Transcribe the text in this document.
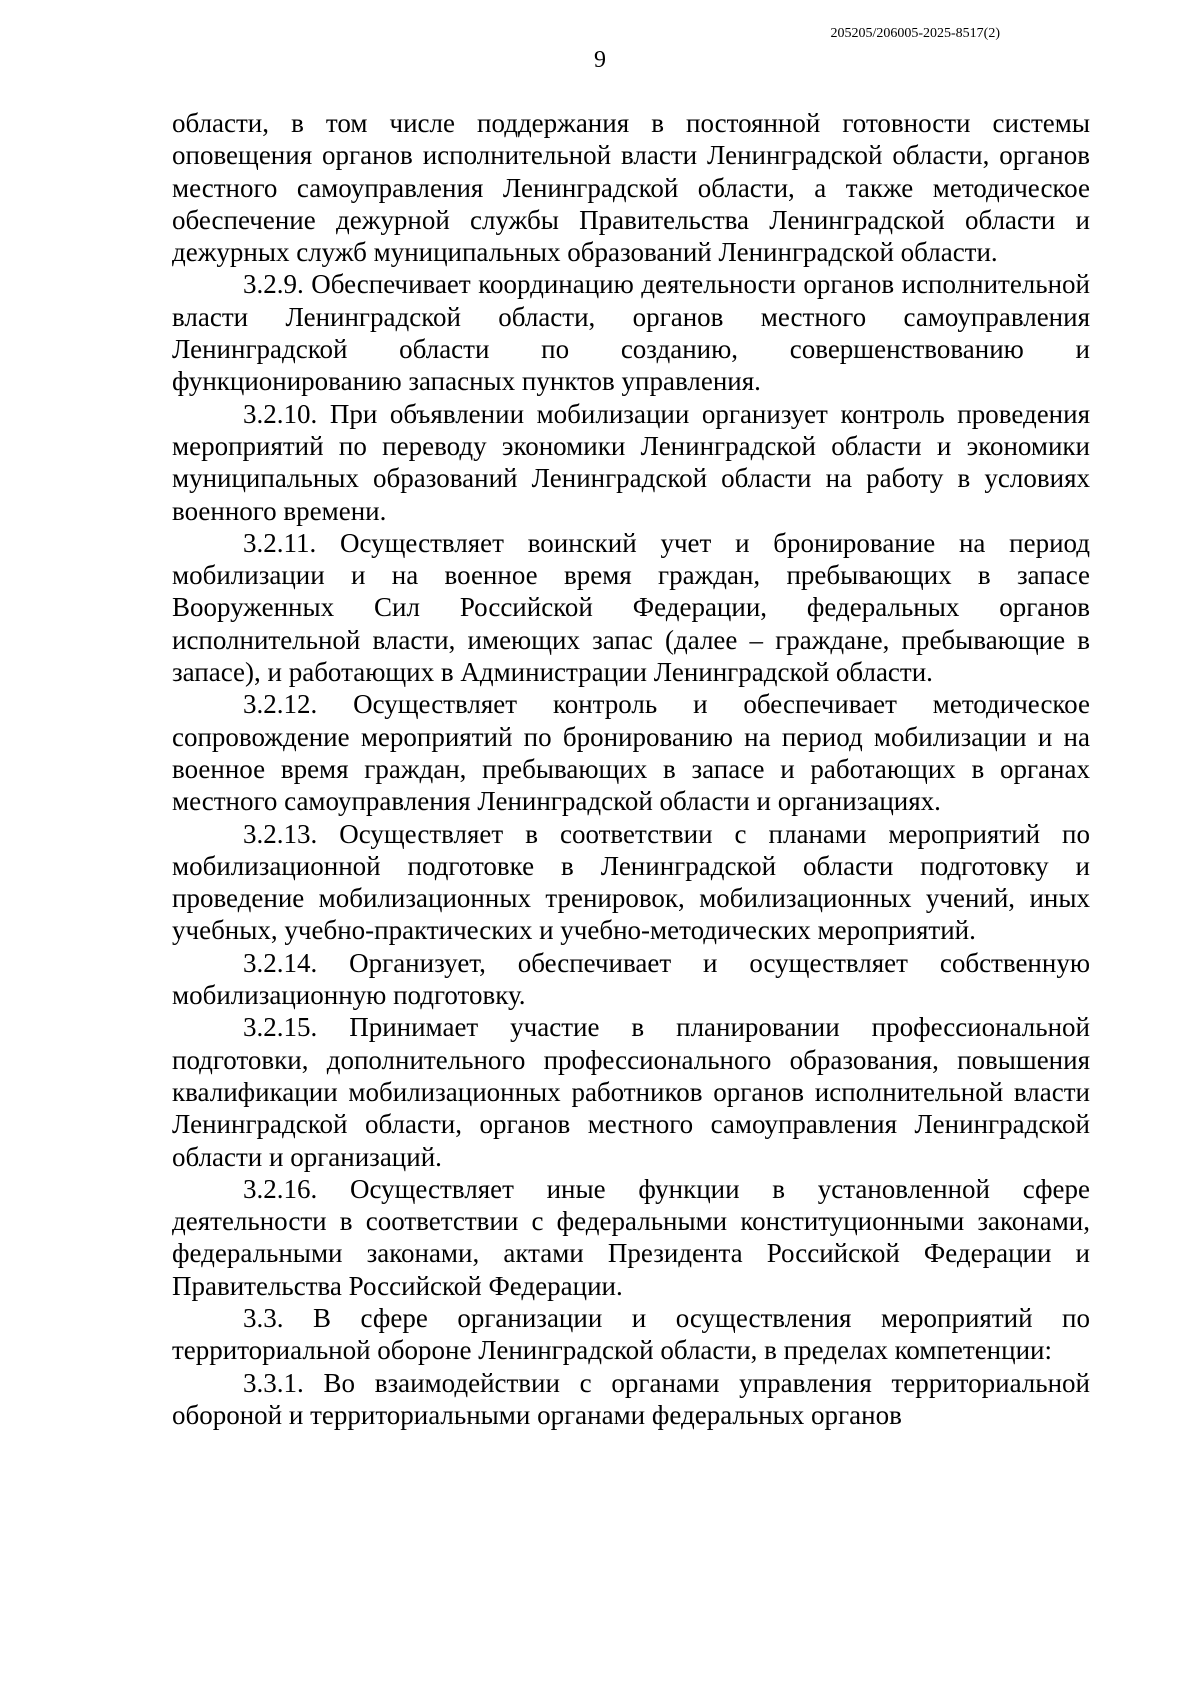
205205/206005-2025-8517(2)
9

области, в том числе поддержания в постоянной готовности системы оповещения органов исполнительной власти Ленинградской области, органов местного самоуправления Ленинградской области, а также методическое обеспечение дежурной службы Правительства Ленинградской области и дежурных служб муниципальных образований Ленинградской области.

3.2.9. Обеспечивает координацию деятельности органов исполнительной власти Ленинградской области, органов местного самоуправления Ленинградской области по созданию, совершенствованию и функционированию запасных пунктов управления.

3.2.10. При объявлении мобилизации организует контроль проведения мероприятий по переводу экономики Ленинградской области и экономики муниципальных образований Ленинградской области на работу в условиях военного времени.

3.2.11. Осуществляет воинский учет и бронирование на период мобилизации и на военное время граждан, пребывающих в запасе Вооруженных Сил Российской Федерации, федеральных органов исполнительной власти, имеющих запас (далее – граждане, пребывающие в запасе), и работающих в Администрации Ленинградской области.

3.2.12. Осуществляет контроль и обеспечивает методическое сопровождение мероприятий по бронированию на период мобилизации и на военное время граждан, пребывающих в запасе и работающих в органах местного самоуправления Ленинградской области и организациях.

3.2.13. Осуществляет в соответствии с планами мероприятий по мобилизационной подготовке в Ленинградской области подготовку и проведение мобилизационных тренировок, мобилизационных учений, иных учебных, учебно-практических и учебно-методических мероприятий.

3.2.14. Организует, обеспечивает и осуществляет собственную мобилизационную подготовку.

3.2.15. Принимает участие в планировании профессиональной подготовки, дополнительного профессионального образования, повышения квалификации мобилизационных работников органов исполнительной власти Ленинградской области, органов местного самоуправления Ленинградской области и организаций.

3.2.16. Осуществляет иные функции в установленной сфере деятельности в соответствии с федеральными конституционными законами, федеральными законами, актами Президента Российской Федерации и Правительства Российской Федерации.

3.3. В сфере организации и осуществления мероприятий по территориальной обороне Ленинградской области, в пределах компетенции:

3.3.1. Во взаимодействии с органами управления территориальной обороной и территориальными органами федеральных органов
